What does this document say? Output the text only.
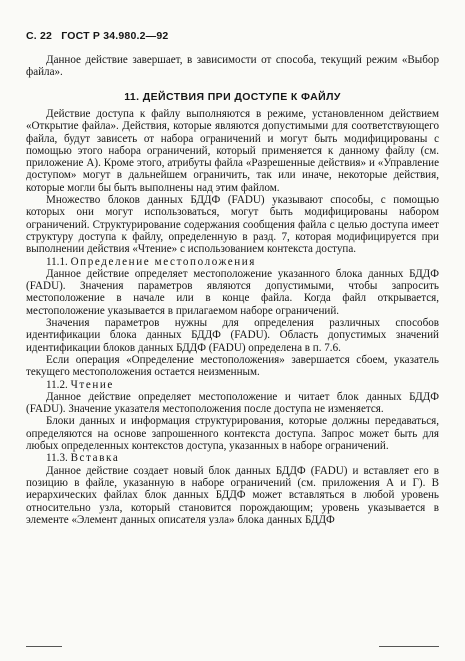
С. 22 ГОСТ Р 34.980.2—92

Данное действие завершает, в зависимости от способа, текущий режим «Выбор файла».

11. ДЕЙСТВИЯ ПРИ ДОСТУПЕ К ФАЙЛУ

Действие доступа к файлу выполняются в режиме, установленном действием «Открытие файла». Действия, которые являются допустимыми для соответствующего файла, будут зависеть от набора ограничений и могут быть модифицированы с помощью этого набора ограничений, который применяется к данному файлу (см. приложение А). Кроме этого, атрибуты файла «Разрешенные действия» и «Управление доступом» могут в дальнейшем ограничить, так или иначе, некоторые действия, которые могли бы быть выполнены над этим файлом.

Множество блоков данных БДДФ (FADU) указывают способы, с помощью которых они могут использоваться, могут быть модифицированы набором ограничений. Структурирование содержания сообщения файла с целью доступа имеет структуру доступа к файлу, определенную в разд. 7, которая модифицируется при выполнении действия «Чтение» с использованием контекста доступа.

11.1. Определение местоположения

Данное действие определяет местоположение указанного блока данных БДДФ (FADU). Значения параметров являются допустимыми, чтобы запросить местоположение в начале или в конце файла. Когда файл открывается, местоположение указывается в прилагаемом наборе ограничений.

Значения параметров нужны для определения различных способов идентификации блока данных БДДФ (FADU). Область допустимых значений идентификации блоков данных БДДФ (FADU) определена в п. 7.6.

Если операция «Определение местоположения» завершается сбоем, указатель текущего местоположения остается неизменным.

11.2. Чтение

Данное действие определяет местоположение и читает блок данных БДДФ (FADU). Значение указателя местоположения после доступа не изменяется.

Блоки данных и информация структурирования, которые должны передаваться, определяются на основе запрошенного контекста доступа. Запрос может быть для любых определенных контекстов доступа, указанных в наборе ограничений.

11.3. Вставка

Данное действие создает новый блок данных БДДФ (FADU) и вставляет его в позицию в файле, указанную в наборе ограничений (см. приложения А и Г). В иерархических файлах блок данных БДДФ может вставляться в любой уровень относительно узла, который становится порождающим; уровень указывается в элементе «Элемент данных описателя узла» блока данных БДДФ
